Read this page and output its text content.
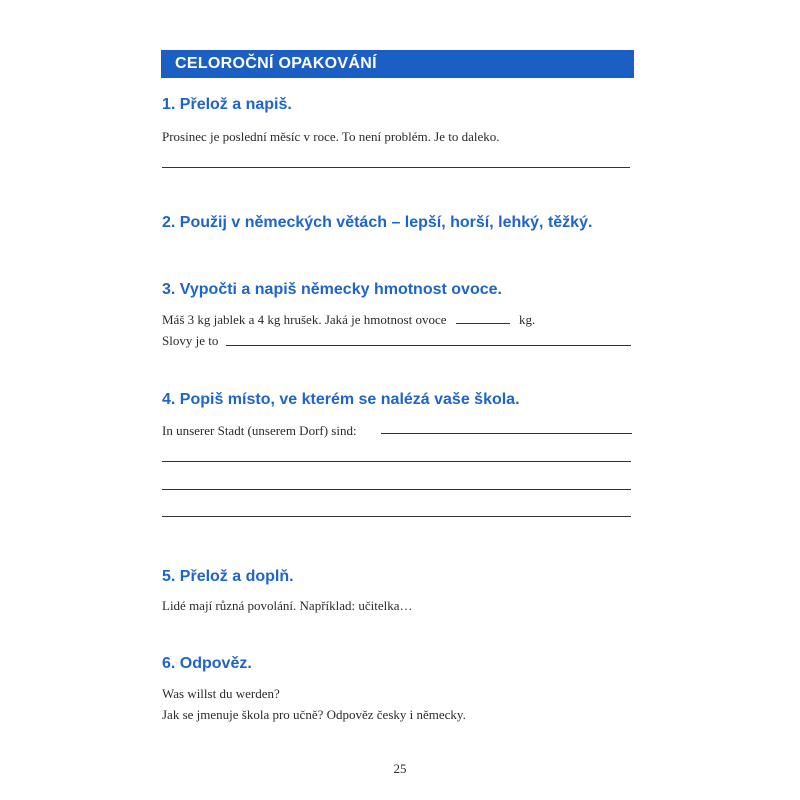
CELOROČNÍ OPAKOVÁNÍ
1. Přelož a napiš.
Prosinec je poslední měsíc v roce. To není problém. Je to daleko.
2. Použij v německých větách – lepší, horší, lehký, těžký.
3. Vypočti a napiš německy hmotnost ovoce.
Máš 3 kg jablek a 4 kg hrušek. Jaká je hmotnost ovoce	kg.
Slovy je to
4. Popiš místo, ve kterém se nalézá vaše škola.
In unserer Stadt (unserem Dorf) sind:
5. Přelož a doplň.
Lidé mají různá povolání. Například: učitelka…
6. Odpověz.
Was willst du werden?
Jak se jmenuje škola pro učně? Odpověz česky i německy.
25
